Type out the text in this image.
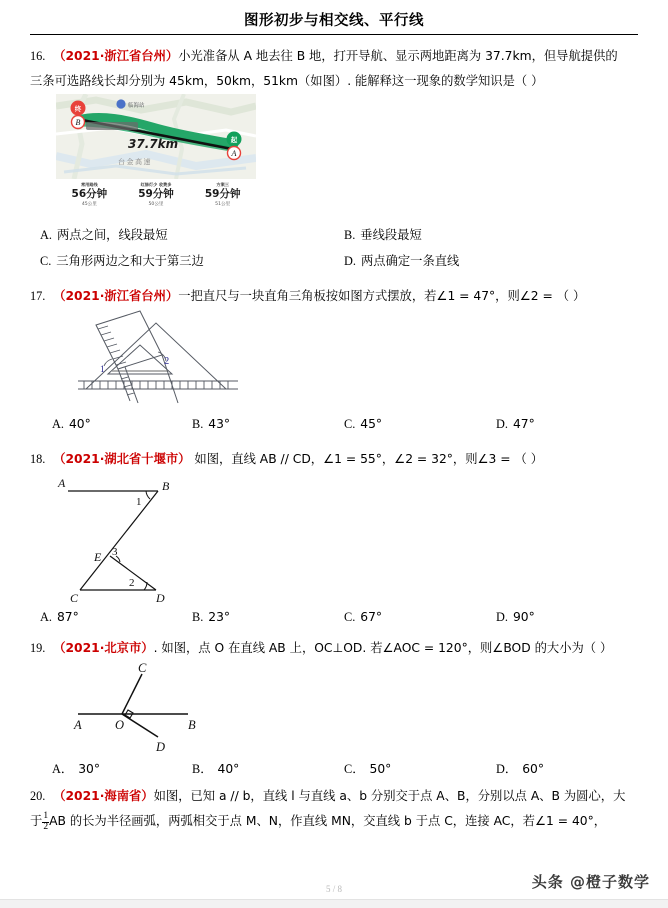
图形初步与相交线、平行线
16. （2021·浙江省台州）小光准备从 A 地去往 B 地，打开导航、显示两地距离为 37.7km，但导航提供的
三条可选路线长却分别为 45km，50km，51km（如图）. 能解释这一现象的数学知识是（ ）
37.7km
临海站
台金高速
终
B
起
A
常用路线
56分钟
45公里
红绿灯少 收费多
59分钟
50公里
方案三
59分钟
51公里
A. 两点之间，线段最短	B. 垂线段最短
C. 三角形两边之和大于第三边	D. 两点确定一条直线
17. （2021·浙江省台州）一把直尺与一块直角三角板按如图方式摆放，若∠1 = 47°，则∠2 = （ ）
1
2
A. 40°	B. 43°	C. 45°	D. 47°
18. （2021·湖北省十堰市） 如图，直线 AB // CD，∠1 = 55°，∠2 = 32°，则∠3 = （ ）
A	B
C	D
E
1
2
3
A. 87°	B. 23°	C. 67°	D. 90°
19. （2021·北京市）. 如图，点 O 在直线 AB 上，OC⊥OD. 若∠AOC = 120°，则∠BOD 的大小为（ ）
A	B
C
D
O
A． 30°	B． 40°	C． 50°	D． 60°
20. （2021·海南省）如图，已知 a // b，直线 l 与直线 a、b 分别交于点 A、B，分别以点 A、B 为圆心，大
于 $\frac{1}{2}$ AB 的长为半径画弧，两弧相交于点 M、N，作直线 MN，交直线 b 于点 C，连接 AC，若∠1 = 40°，
5 / 8	头条 @橙子数学
